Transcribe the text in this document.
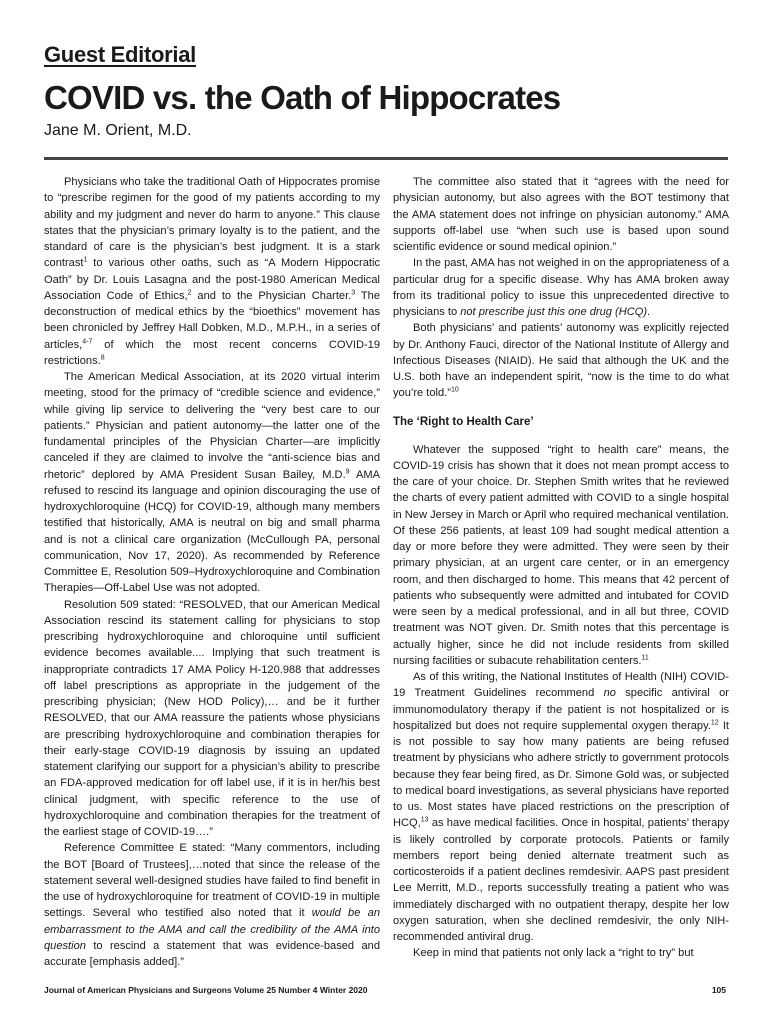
Guest Editorial
COVID vs. the Oath of Hippocrates
Jane M. Orient, M.D.

Physicians who take the traditional Oath of Hippocrates promise to “prescribe regimen for the good of my patients according to my ability and my judgment and never do harm to anyone.” This clause states that the physician’s primary loyalty is to the patient, and the standard of care is the physician’s best judgment. It is a stark contrast$^1$ to various other oaths, such as “A Modern Hippocratic Oath” by Dr. Louis Lasagna and the post-1980 American Medical Association Code of Ethics,$^2$ and to the Physician Charter.$^3$ The deconstruction of medical ethics by the “bioethics” movement has been chronicled by Jeffrey Hall Dobken, M.D., M.P.H., in a series of articles,$^{4-7}$ of which the most recent concerns COVID-19 restrictions.$^8$

The American Medical Association, at its 2020 virtual interim meeting, stood for the primacy of “credible science and evidence,” while giving lip service to delivering the “very best care to our patients.” Physician and patient autonomy—the latter one of the fundamental principles of the Physician Charter—are implicitly canceled if they are claimed to involve the “anti-science bias and rhetoric” deplored by AMA President Susan Bailey, M.D.$^9$ AMA refused to rescind its language and opinion discouraging the use of hydroxychloroquine (HCQ) for COVID-19, although many members testified that historically, AMA is neutral on big and small pharma and is not a clinical care organization (McCullough PA, personal communication, Nov 17, 2020). As recommended by Reference Committee E, Resolution 509–Hydroxychloroquine and Combination Therapies—Off-Label Use was not adopted.

Resolution 509 stated: “RESOLVED, that our American Medical Association rescind its statement calling for physicians to stop prescribing hydroxychloroquine and chloroquine until sufficient evidence becomes available.... Implying that such treatment is inappropriate contradicts 17 AMA Policy H-120.988 that addresses off label prescriptions as appropriate in the judgement of the prescribing physician; (New HOD Policy),… and be it further RESOLVED, that our AMA reassure the patients whose physicians are prescribing hydroxychloroquine and combination therapies for their early-stage COVID-19 diagnosis by issuing an updated statement clarifying our support for a physician’s ability to prescribe an FDA-approved medication for off label use, if it is in her/his best clinical judgment, with specific reference to the use of hydroxychloroquine and combination therapies for the treatment of the earliest stage of COVID-19….”

Reference Committee E stated: “Many commentors, including the BOT [Board of Trustees],…noted that since the release of the statement several well-designed studies have failed to find benefit in the use of hydroxychloroquine for treatment of COVID-19 in multiple settings. Several who testified also noted that it would be an embarrassment to the AMA and call the credibility of the AMA into question to rescind a statement that was evidence-based and accurate [emphasis added].”

The committee also stated that it “agrees with the need for physician autonomy, but also agrees with the BOT testimony that the AMA statement does not infringe on physician autonomy.” AMA supports off-label use “when such use is based upon sound scientific evidence or sound medical opinion.”

In the past, AMA has not weighed in on the appropriateness of a particular drug for a specific disease. Why has AMA broken away from its traditional policy to issue this unprecedented directive to physicians to not prescribe just this one drug (HCQ).

Both physicians’ and patients’ autonomy was explicitly rejected by Dr. Anthony Fauci, director of the National Institute of Allergy and Infectious Diseases (NIAID). He said that although the UK and the U.S. both have an independent spirit, “now is the time to do what you’re told.”$^{10}$

The ‘Right to Health Care’

Whatever the supposed “right to health care” means, the COVID-19 crisis has shown that it does not mean prompt access to the care of your choice. Dr. Stephen Smith writes that he reviewed the charts of every patient admitted with COVID to a single hospital in New Jersey in March or April who required mechanical ventilation. Of these 256 patients, at least 109 had sought medical attention a day or more before they were admitted. They were seen by their primary physician, at an urgent care center, or in an emergency room, and then discharged to home. This means that 42 percent of patients who subsequently were admitted and intubated for COVID were seen by a medical professional, and in all but three, COVID treatment was NOT given. Dr. Smith notes that this percentage is actually higher, since he did not include residents from skilled nursing facilities or subacute rehabilitation centers.$^{11}$

As of this writing, the National Institutes of Health (NIH) COVID-19 Treatment Guidelines recommend no specific antiviral or immunomodulatory therapy if the patient is not hospitalized or is hospitalized but does not require supplemental oxygen therapy.$^{12}$ It is not possible to say how many patients are being refused treatment by physicians who adhere strictly to government protocols because they fear being fired, as Dr. Simone Gold was, or subjected to medical board investigations, as several physicians have reported to us. Most states have placed restrictions on the prescription of HCQ,$^{13}$ as have medical facilities. Once in hospital, patients’ therapy is likely controlled by corporate protocols. Patients or family members report being denied alternate treatment such as corticosteroids if a patient declines remdesivir. AAPS past president Lee Merritt, M.D., reports successfully treating a patient who was immediately discharged with no outpatient therapy, despite her low oxygen saturation, when she declined remdesivir, the only NIH-recommended antiviral drug.

Keep in mind that patients not only lack a “right to try” but

Journal of American Physicians and Surgeons Volume 25 Number 4 Winter 2020	105
